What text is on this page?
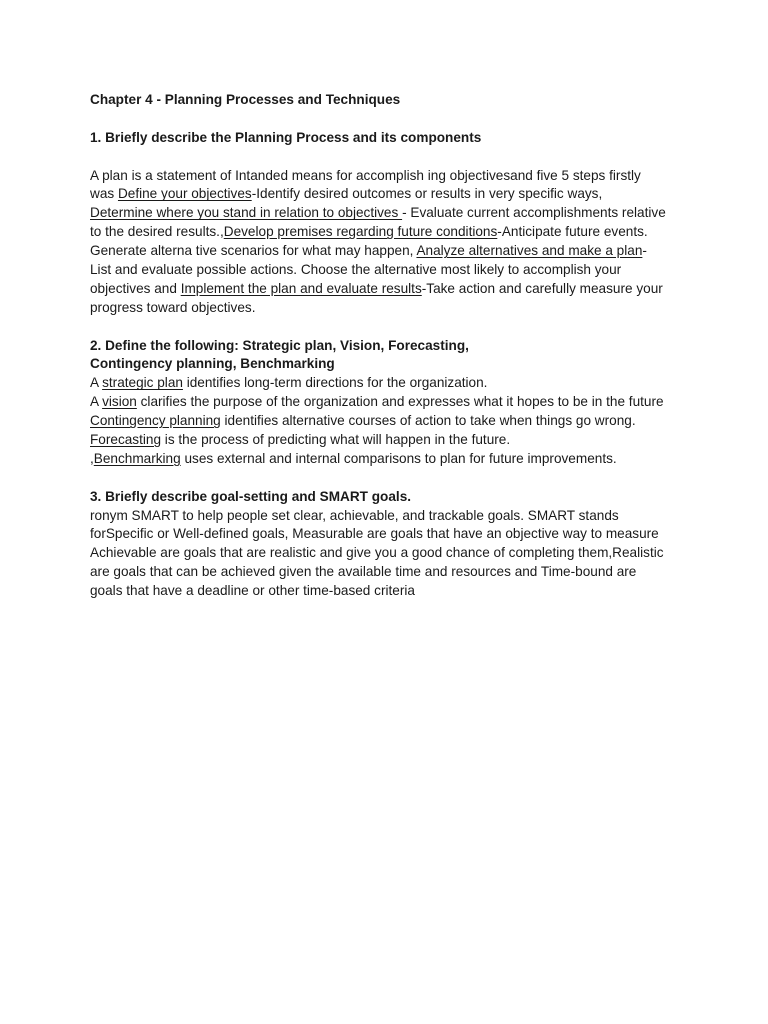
Chapter 4 - Planning Processes and Techniques
1. Briefly describe the Planning Process and its components
A plan is a statement of Intanded means for accomplish ing objectivesand five 5 steps firstly
was Define your objectives-Identify desired outcomes or results in very specific ways,
Determine where you stand in relation to objectives - Evaluate current accomplishments relative
to the desired results.,Develop premises regarding future conditions-Anticipate future events.
Generate alterna tive scenarios for what may happen, Analyze alternatives and make a plan-
List and evaluate possible actions. Choose the alternative most likely to accomplish your
objectives and Implement the plan and evaluate results-Take action and carefully measure your
progress toward objectives.
2. Define the following: Strategic plan, Vision, Forecasting,
Contingency planning, Benchmarking
A strategic plan identifies long-term directions for the organization.
A vision clarifies the purpose of the organization and expresses what it hopes to be in the future
Contingency planning identifies alternative courses of action to take when things go wrong.
Forecasting is the process of predicting what will happen in the future.
,Benchmarking uses external and internal comparisons to plan for future improvements.
3. Briefly describe goal-setting and SMART goals.
ronym SMART to help people set clear, achievable, and trackable goals. SMART stands
forSpecific or Well-defined goals, Measurable are goals that have an objective way to measure
Achievable are goals that are realistic and give you a good chance of completing them,Realistic
are goals that can be achieved given the available time and resources and Time-bound are
goals that have a deadline or other time-based criteria
